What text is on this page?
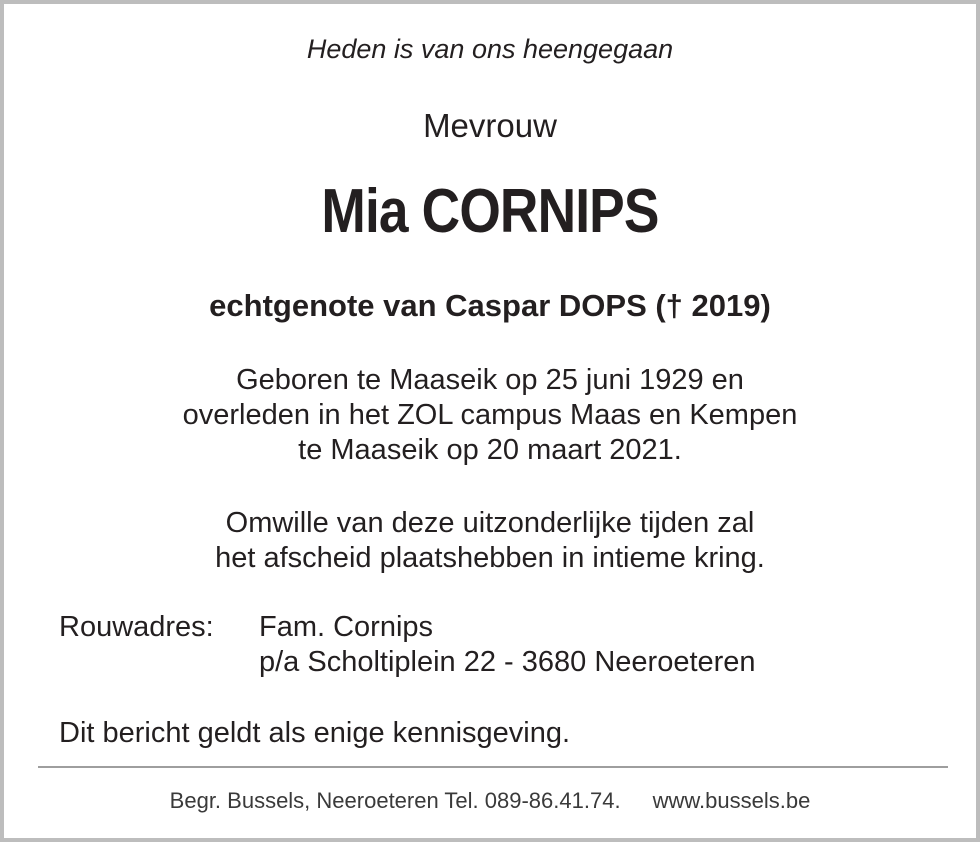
Heden is van ons heengegaan
Mevrouw
Mia CORNIPS
echtgenote van Caspar DOPS († 2019)
Geboren te Maaseik op 25 juni 1929 en
overleden in het ZOL campus Maas en Kempen
te Maaseik op 20 maart 2021.
Omwille van deze uitzonderlijke tijden zal
het afscheid plaatshebben in intieme kring.
Rouwadres: Fam. Cornips
p/a Scholtiplein 22 - 3680 Neeroeteren
Dit bericht geldt als enige kennisgeving.
Begr. Bussels, Neeroeteren Tel. 089-86.41.74. www.bussels.be
